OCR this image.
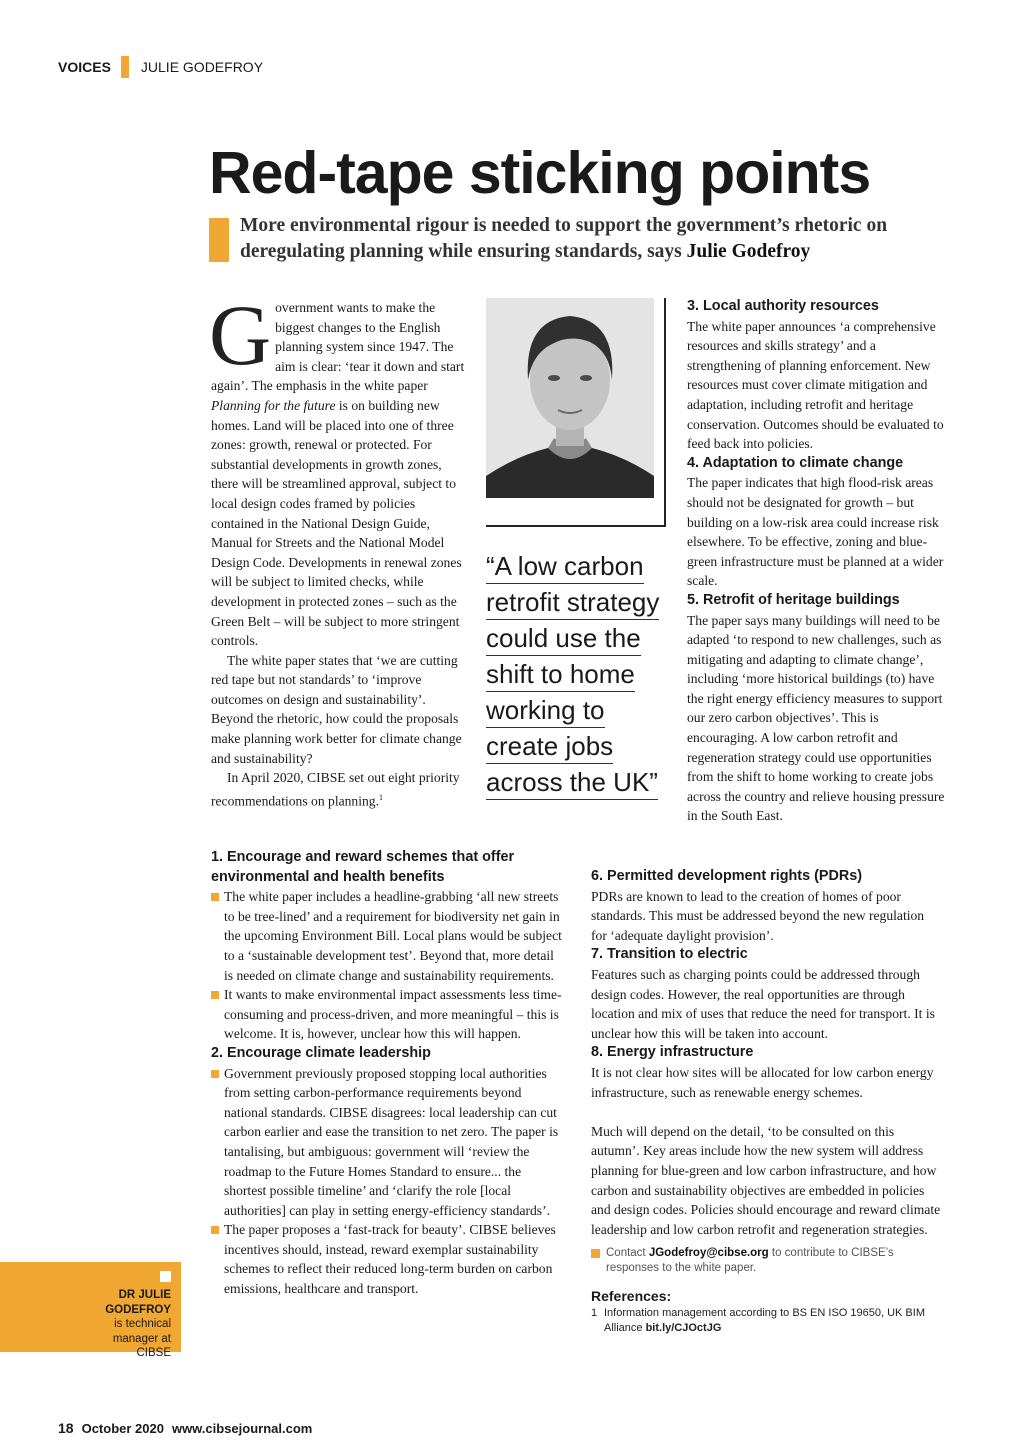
VOICES JULIE GODEFROY
Red-tape sticking points

More environmental rigour is needed to support the government’s rhetoric on deregulating planning while ensuring standards, says Julie Godefroy

Government wants to make the biggest changes to the English planning system since 1947. The aim is clear: ‘tear it down and start again’. The emphasis in the white paper Planning for the future is on building new homes. Land will be placed into one of three zones: growth, renewal or protected. For substantial developments in growth zones, there will be streamlined approval, subject to local design codes framed by policies contained in the National Design Guide, Manual for Streets and the National Model Design Code. Developments in renewal zones will be subject to limited checks, while development in protected zones – such as the Green Belt – will be subject to more stringent controls.

The white paper states that ‘we are cutting red tape but not standards’ to ‘improve outcomes on design and sustainability’. Beyond the rhetoric, how could the proposals make planning work better for climate change and sustainability?

In April 2020, CIBSE set out eight priority recommendations on planning.$^1$

“A low carbon

retrofit strategy

could use the

shift to home

working to

create jobs

across the UK”

3. Local authority resources

The white paper announces ‘a comprehensive resources and skills strategy’ and a strengthening of planning enforcement. New resources must cover climate mitigation and adaptation, including retrofit and heritage conservation. Outcomes should be evaluated to feed back into policies.

4. Adaptation to climate change

The paper indicates that high flood-risk areas should not be designated for growth – but building on a low-risk area could increase risk elsewhere. To be effective, zoning and blue-green infrastructure must be planned at a wider scale.

5. Retrofit of heritage buildings

The paper says many buildings will need to be adapted ‘to respond to new challenges, such as mitigating and adapting to climate change’, including ‘more historical buildings (to) have the right energy efficiency measures to support our zero carbon objectives’. This is encouraging. A low carbon retrofit and regeneration strategy could use opportunities from the shift to home working to create jobs across the country and relieve housing pressure in the South East.

1. Encourage and reward schemes that offer environmental and health benefits

The white paper includes a headline-grabbing ‘all new streets to be tree-lined’ and a requirement for biodiversity net gain in the upcoming Environment Bill. Local plans would be subject to a ‘sustainable development test’. Beyond that, more detail is needed on climate change and sustainability requirements.

It wants to make environmental impact assessments less time-consuming and process-driven, and more meaningful – this is welcome. It is, however, unclear how this will happen.

2. Encourage climate leadership

Government previously proposed stopping local authorities from setting carbon-performance requirements beyond national standards. CIBSE disagrees: local leadership can cut carbon earlier and ease the transition to net zero. The paper is tantalising, but ambiguous: government will ‘review the roadmap to the Future Homes Standard to ensure... the shortest possible timeline’ and ‘clarify the role [local authorities] can play in setting energy-efficiency standards’.

The paper proposes a ‘fast-track for beauty’. CIBSE believes incentives should, instead, reward exemplar sustainability schemes to reflect their reduced long-term burden on carbon emissions, healthcare and transport.

6. Permitted development rights (PDRs)

PDRs are known to lead to the creation of homes of poor standards. This must be addressed beyond the new regulation for ‘adequate daylight provision’.

7. Transition to electric

Features such as charging points could be addressed through design codes. However, the real opportunities are through location and mix of uses that reduce the need for transport. It is unclear how this will be taken into account.

8. Energy infrastructure

It is not clear how sites will be allocated for low carbon energy infrastructure, such as renewable energy schemes.

Much will depend on the detail, ‘to be consulted on this autumn’. Key areas include how the new system will address planning for blue-green and low carbon infrastructure, and how carbon and sustainability objectives are embedded in policies and design codes. Policies should encourage and reward climate leadership and low carbon retrofit and regeneration strategies.

Contact JGodefroy@cibse.org to contribute to CIBSE’s responses to the white paper.

References:

1 Information management according to BS EN ISO 19650, UK BIM Alliance bit.ly/CJOctJG

DR JULIE
GODEFROY
is technical manager at CIBSE
18 October 2020 www.cibsejournal.com
